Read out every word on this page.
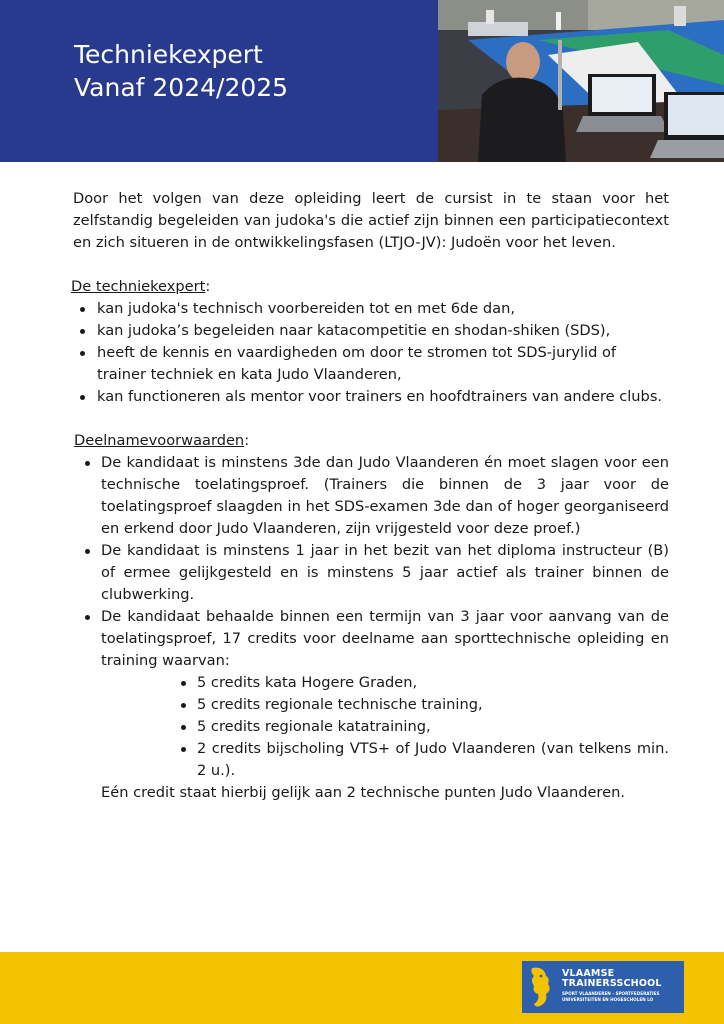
Techniekexpert
Vanaf 2024/2025

Door het volgen van deze opleiding leert de cursist in te staan voor het zelfstandig begeleiden van judoka's die actief zijn binnen een participatiecontext en zich situeren in de ontwikkelingsfasen (LTJO-JV): Judoën voor het leven.

De techniekexpert:
kan judoka's technisch voorbereiden tot en met 6de dan,
kan judoka’s begeleiden naar katacompetitie en shodan-shiken (SDS),
heeft de kennis en vaardigheden om door te stromen tot SDS-jurylid of trainer techniek en kata Judo Vlaanderen,
kan functioneren als mentor voor trainers en hoofdtrainers van andere clubs.
Deelnamevoorwaarden:
De kandidaat is minstens 3de dan Judo Vlaanderen én moet slagen voor een technische toelatingsproef. (Trainers die binnen de 3 jaar voor de toelatingsproef slaagden in het SDS-examen 3de dan of hoger georganiseerd en erkend door Judo Vlaanderen, zijn vrijgesteld voor deze proef.)
De kandidaat is minstens 1 jaar in het bezit van het diploma instructeur (B) of ermee gelijkgesteld en is minstens 5 jaar actief als trainer binnen de clubwerking.
De kandidaat behaalde binnen een termijn van 3 jaar voor aanvang van de toelatingsproef, 17 credits voor deelname aan sporttechnische opleiding en training waarvan:
5 credits kata Hogere Graden,
5 credits regionale technische training,
5 credits regionale katatraining,
2 credits bijscholing VTS+ of Judo Vlaanderen (van telkens min. 2 u.).

Eén credit staat hierbij gelijk aan 2 technische punten Judo Vlaanderen.

VLAAMSE
TRAINERSSCHOOL
SPORT VLAANDEREN - SPORTFEDERATIES
UNIVERSITEITEN EN HOGESCHOLEN LO
